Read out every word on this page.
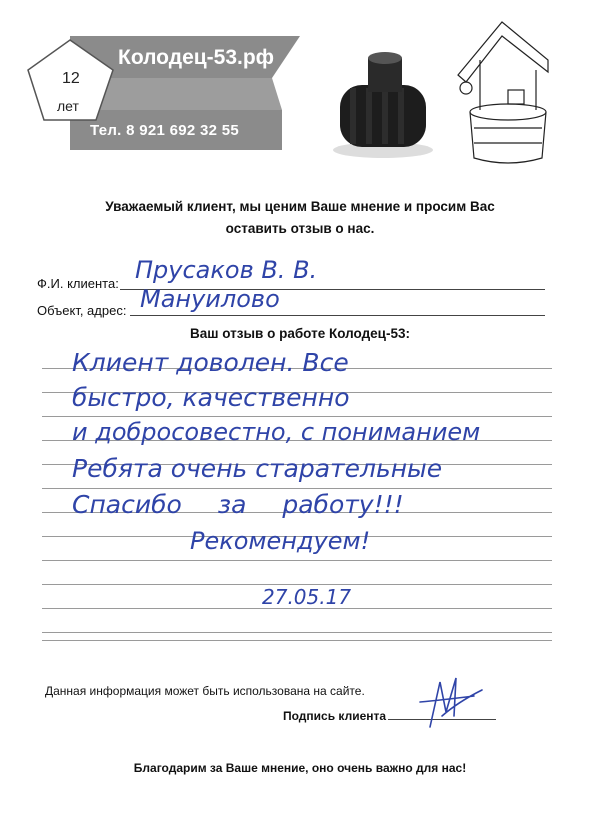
12
лет
Колодец-53.рф
Тел. 8 921 692 32 55
Уважаемый клиент, мы ценим Ваше мнение и просим Вас
оставить отзыв о нас.
Ф.И. клиента: Прусаков В. В.
Объект, адрес: Мануилово
Ваш отзыв о работе Колодец-53:
Клиент доволен. Все
быстро, качественно
и добросовестно, с пониманием
Ребята очень старательные
Спасибо за работу!!!
Рекомендуем!
27.05.17
Данная информация может быть использована на сайте.
Подпись клиента
Благодарим за Ваше мнение, оно очень важно для нас!
